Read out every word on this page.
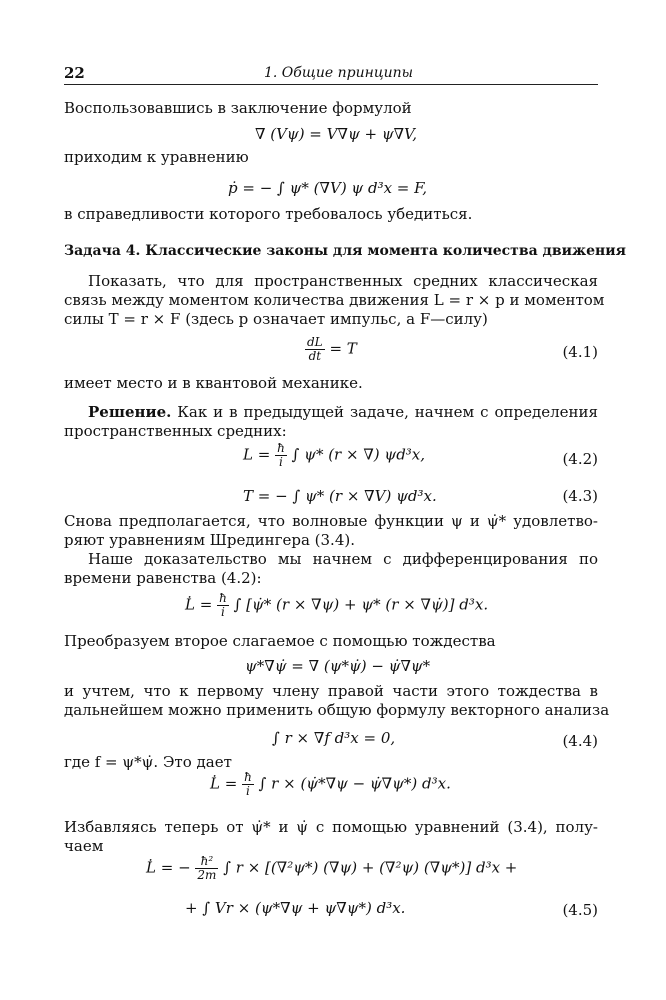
22	1. Общие принципы
Воспользовавшись в заключение формулой
∇ (Vψ) = V∇ψ + ψ∇V,
приходим к уравнению
ṗ = − ∫ ψ* (∇V) ψ d³x = F,
в справедливости которого требовалось убедиться.
Задача 4. Классические законы для момента количества движения
Показать, что для пространственных средних классическая
связь между моментом количества движения L = r × p и моментом
силы T = r × F (здесь p означает импульс, а F—силу)
$\frac{dL}{dt} = T$	(4.1)
имеет место и в квантовой механике.
Решение. Как и в предыдущей задаче, начнем с определения
пространственных средних:
$L = \frac{ħ}{i}$ ∫ ψ* (r × ∇) ψd³x,	(4.2)
T = − ∫ ψ* (r × ∇V) ψd³x.	(4.3)
Снова предполагается, что волновые функции ψ и ψ̇* удовлетво-
ряют уравнениям Шредингера (3.4).
Наше доказательство мы начнем с дифференцирования по
времени равенства (4.2):
L̇ = $\frac{ħ}{i}$ ∫ [ψ̇* (r × ∇ψ) + ψ* (r × ∇ψ̇)] d³x.
Преобразуем второе слагаемое с помощью тождества
ψ*∇ψ̇ = ∇ (ψ*ψ̇) − ψ̇∇ψ*
и учтем, что к первому члену правой части этого тождества в
дальнейшем можно применить общую формулу векторного анализа
∫ r × ∇f d³x = 0,	(4.4)
где f = ψ*ψ̇. Это дает
L̇ = $\frac{ħ}{i}$ ∫ r × (ψ̇*∇ψ − ψ̇∇ψ*) d³x.
Избавляясь теперь от ψ̇* и ψ̇ с помощью уравнений (3.4), полу-
чаем
L̇ = − $\frac{\text{ħ²}}{2m}$ ∫ r × [(∇²ψ*) (∇ψ) + (∇²ψ) (∇ψ*)] d³x +
+ ∫ Vr × (ψ*∇ψ + ψ∇ψ*) d³x.	(4.5)
